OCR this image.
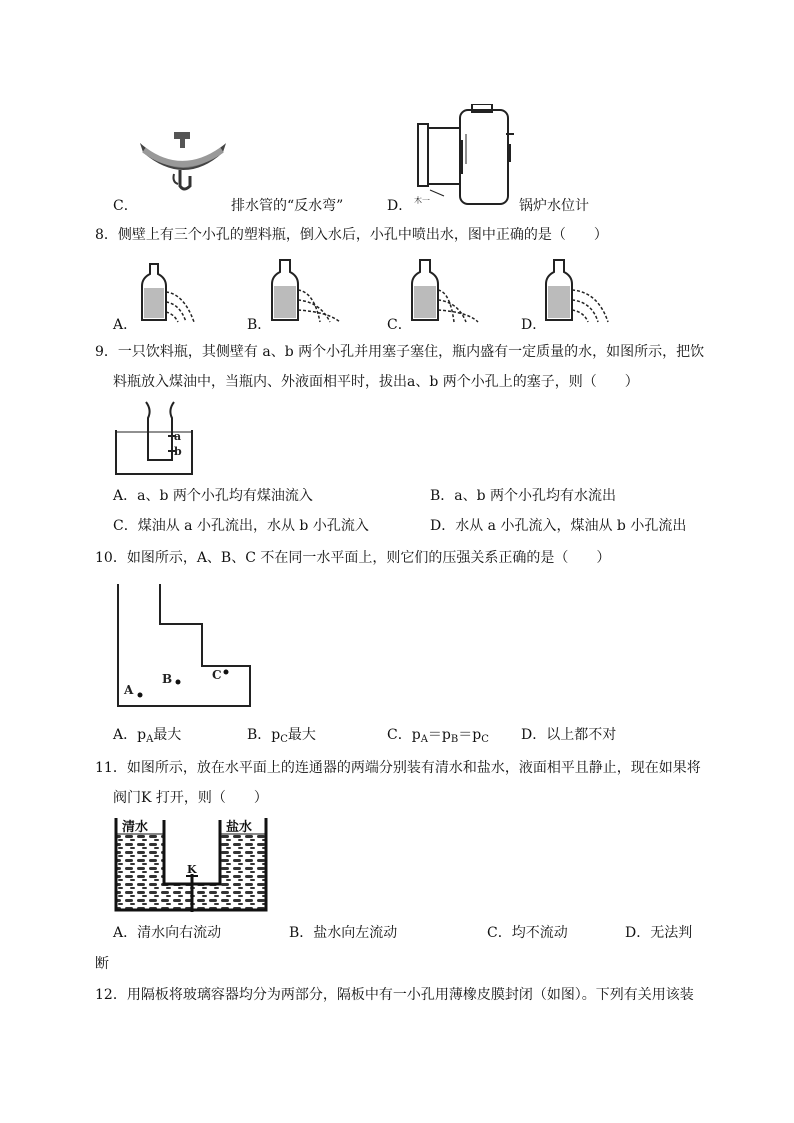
C．	排水管的“反水弯”	木一
D．	锅炉水位计
8．侧壁上有三个小孔的塑料瓶，倒入水后，小孔中喷出水，图中正确的是（　　）
A．	B．	C．	D．
9．一只饮料瓶，其侧壁有 a、b 两个小孔并用塞子塞住，瓶内盛有一定质量的水，如图所示，把饮
料瓶放入煤油中，当瓶内、外液面相平时，拔出a、b 两个小孔上的塞子，则（　　）
a
b
A．a、b 两个小孔均有煤油流入	B．a、b 两个小孔均有水流出
C．煤油从 a 小孔流出，水从 b 小孔流入	D．水从 a 小孔流入，煤油从 b 小孔流出
10．如图所示，A、B、C 不在同一水平面上，则它们的压强关系正确的是（　　）
A
B	C
A．$p_A$最大	B．$p_C$最大	C．$p_A=p_B=p_C$ D．以上都不对
11．如图所示，放在水平面上的连通器的两端分别装有清水和盐水，液面相平且静止，现在如果将
阀门K 打开，则（　　）
清水	盐水
K
A．清水向右流动	B．盐水向左流动	C．均不流动	D．无法判
断
12．用隔板将玻璃容器均分为两部分，隔板中有一小孔用薄橡皮膜封闭（如图）。下列有关用该装
